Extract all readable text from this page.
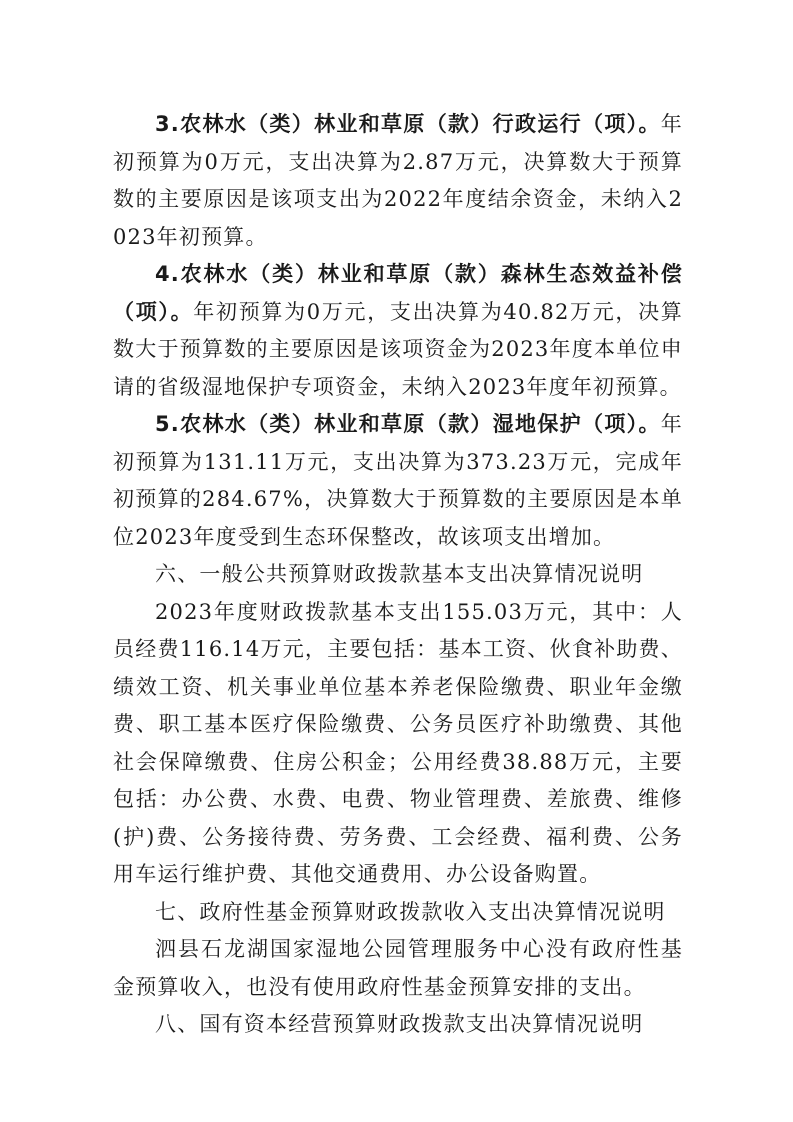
3.农林水（类）林业和草原（款）行政运行（项）。年初预算为0万元，支出决算为2.87万元，决算数大于预算数的主要原因是该项支出为2022年度结余资金，未纳入2023年初预算。

4.农林水（类）林业和草原（款）森林生态效益补偿（项）。年初预算为0万元，支出决算为40.82万元，决算数大于预算数的主要原因是该项资金为2023年度本单位申请的省级湿地保护专项资金，未纳入2023年度年初预算。

5.农林水（类）林业和草原（款）湿地保护（项）。年初预算为131.11万元，支出决算为373.23万元，完成年初预算的284.67%，决算数大于预算数的主要原因是本单位2023年度受到生态环保整改，故该项支出增加。

六、一般公共预算财政拨款基本支出决算情况说明

2023年度财政拨款基本支出155.03万元，其中：人员经费116.14万元，主要包括：基本工资、伙食补助费、绩效工资、机关事业单位基本养老保险缴费、职业年金缴费、职工基本医疗保险缴费、公务员医疗补助缴费、其他社会保障缴费、住房公积金；公用经费38.88万元，主要包括：办公费、水费、电费、物业管理费、差旅费、维修(护)费、公务接待费、劳务费、工会经费、福利费、公务用车运行维护费、其他交通费用、办公设备购置。

七、政府性基金预算财政拨款收入支出决算情况说明

泗县石龙湖国家湿地公园管理服务中心没有政府性基金预算收入，也没有使用政府性基金预算安排的支出。

八、国有资本经营预算财政拨款支出决算情况说明
